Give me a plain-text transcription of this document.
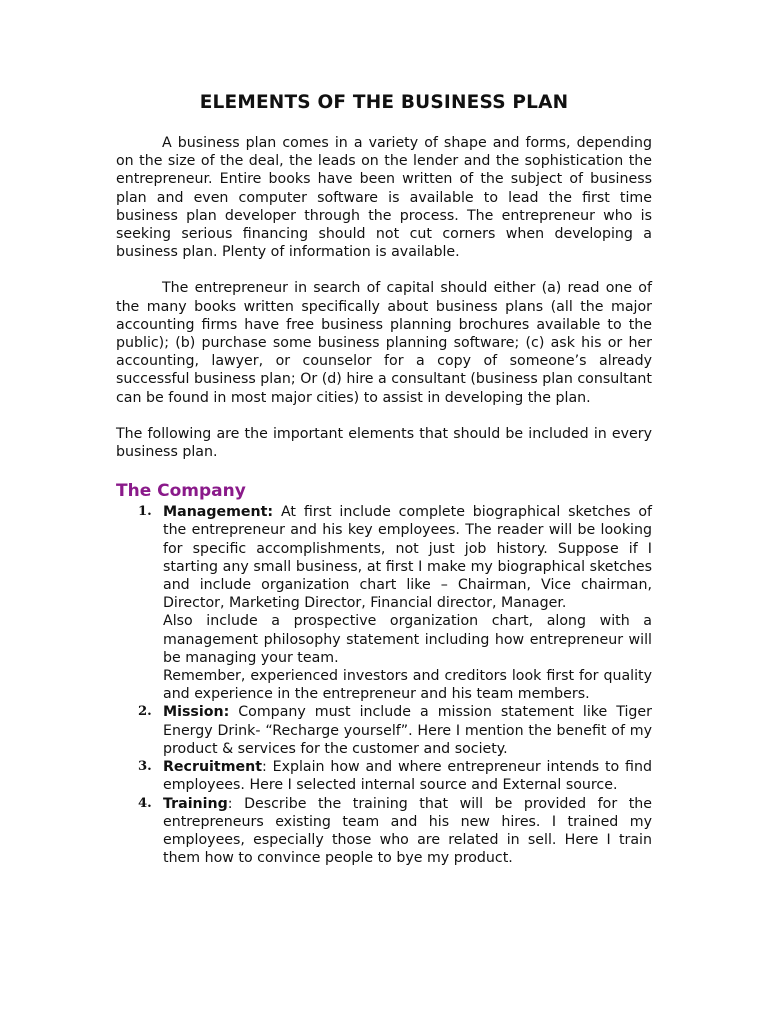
ELEMENTS OF THE BUSINESS PLAN

A business plan comes in a variety of shape and forms, depending on the size of the deal, the leads on the lender and the sophistication the entrepreneur. Entire books have been written of the subject of business plan and even computer software is available to lead the first time business plan developer through the process. The entrepreneur who is seeking serious financing should not cut corners when developing a business plan. Plenty of information is available.

The entrepreneur in search of capital should either (a) read one of the many books written specifically about business plans (all the major accounting firms have free business planning brochures available to the public); (b) purchase some business planning software; (c) ask his or her accounting, lawyer, or counselor for a copy of someone’s already successful business plan; Or (d) hire a consultant (business plan consultant can be found in most major cities) to assist in developing the plan.

The following are the important elements that should be included in every business plan.

The Company
1. Management: At first include complete biographical sketches of the entrepreneur and his key employees. The reader will be looking for specific accomplishments, not just job history. Suppose if I starting any small business, at first I make my biographical sketches and include organization chart like – Chairman, Vice chairman, Director, Marketing Director, Financial director, Manager.
Also include a prospective organization chart, along with a management philosophy statement including how entrepreneur will be managing your team.
Remember, experienced investors and creditors look first for quality and experience in the entrepreneur and his team members.
2. Mission: Company must include a mission statement like Tiger Energy Drink- “Recharge yourself”. Here I mention the benefit of my product & services for the customer and society.
3. Recruitment: Explain how and where entrepreneur intends to find employees. Here I selected internal source and External source.
4. Training: Describe the training that will be provided for the entrepreneurs existing team and his new hires. I trained my employees, especially those who are related in sell. Here I train them how to convince people to bye my product.
